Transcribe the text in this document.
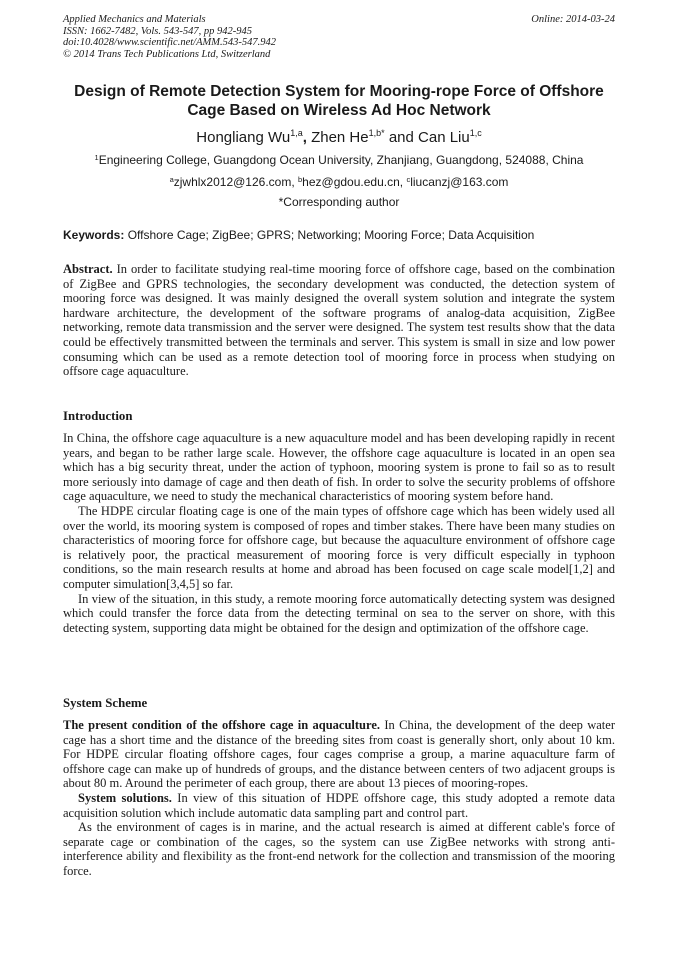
Online: 2014-03-24
Applied Mechanics and Materials
ISSN: 1662-7482, Vols. 543-547, pp 942-945
doi:10.4028/www.scientific.net/AMM.543-547.942
© 2014 Trans Tech Publications Ltd, Switzerland
Design of Remote Detection System for Mooring-rope Force of Offshore
Cage Based on Wireless Ad Hoc Network
Hongliang Wu$^{1,a}$, Zhen $He^{1,b*}$ and Can Liu$^{1,c}$
$^1$Engineering College, Guangdong Ocean University, Zhanjiang, Guangdong, 524088, China
$^a$zjwhlx2012@126.com, $^b$hez@gdou.edu.cn, $^c$liucanzj@163.com
*Corresponding author
Keywords: Offshore Cage; ZigBee; GPRS; Networking; Mooring Force; Data Acquisition

Abstract. In order to facilitate studying real-time mooring force of offshore cage, based on the combination of ZigBee and GPRS technologies, the secondary development was conducted, the detection system of mooring force was designed. It was mainly designed the overall system solution and integrate the system hardware architecture, the development of the software programs of analog-data acquisition, ZigBee networking, remote data transmission and the server were designed. The system test results show that the data could be effectively transmitted between the terminals and server. This system is small in size and low power consuming which can be used as a remote detection tool of mooring force in process when studying on offsore cage aquaculture.

Introduction

In China, the offshore cage aquaculture is a new aquaculture model and has been developing rapidly in recent years, and began to be rather large scale. However, the offshore cage aquaculture is located in an open sea which has a big security threat, under the action of typhoon, mooring system is prone to fail so as to result more seriously into damage of cage and then death of fish. In order to solve the security problems of offshore cage aquaculture, we need to study the mechanical characteristics of mooring system before hand.

The HDPE circular floating cage is one of the main types of offshore cage which has been widely used all over the world, its mooring system is composed of ropes and timber stakes. There have been many studies on characteristics of mooring force for offshore cage, but because the aquaculture environment of offshore cage is relatively poor, the practical measurement of mooring force is very difficult especially in typhoon conditions, so the main research results at home and abroad has been focused on cage scale model[1,2] and computer simulation[3,4,5] so far.

In view of the situation, in this study, a remote mooring force automatically detecting system was designed which could transfer the force data from the detecting terminal on sea to the server on shore, with this detecting system, supporting data might be obtained for the design and optimization of the offshore cage.

System Scheme

The present condition of the offshore cage in aquaculture. In China, the development of the deep water cage has a short time and the distance of the breeding sites from coast is generally short, only about 10 km. For HDPE circular floating offshore cages, four cages comprise a group, a marine aquaculture farm of offshore cage can make up of hundreds of groups, and the distance between centers of two adjacent groups is about 80 m. Around the perimeter of each group, there are about 13 pieces of mooring-ropes.

System solutions. In view of this situation of HDPE offshore cage, this study adopted a remote data acquisition solution which include automatic data sampling part and control part.

As the environment of cages is in marine, and the actual research is aimed at different cable's force of separate cage or combination of the cages, so the system can use ZigBee networks with strong anti-interference ability and flexibility as the front-end network for the collection and transmission of the mooring force.
